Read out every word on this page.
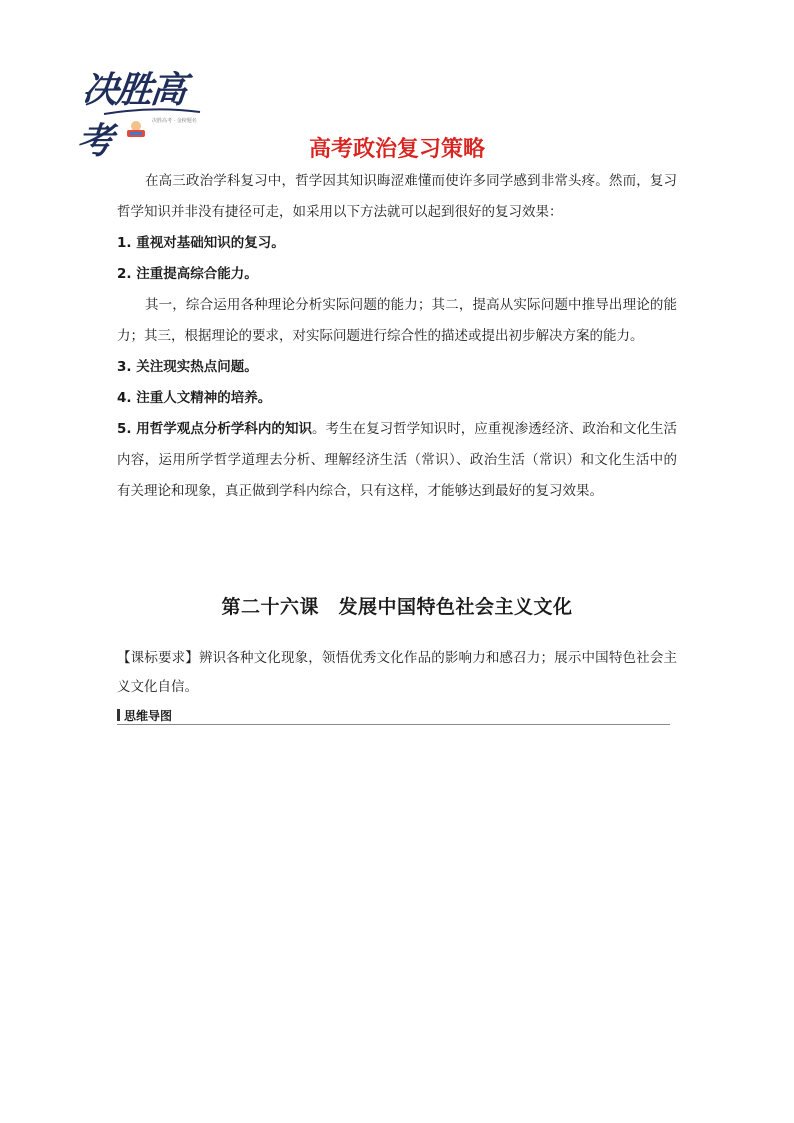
决胜高考	决胜高考 · 金榜题名
高考政治复习策略

在高三政治学科复习中，哲学因其知识晦涩难懂而使许多同学感到非常头疼。然而，复习哲学知识并非没有捷径可走，如采用以下方法就可以起到很好的复习效果：

1. 重视对基础知识的复习。

2. 注重提高综合能力。

其一，综合运用各种理论分析实际问题的能力；其二，提高从实际问题中推导出理论的能力；其三，根据理论的要求，对实际问题进行综合性的描述或提出初步解决方案的能力。

3. 关注现实热点问题。

4. 注重人文精神的培养。

5. 用哲学观点分析学科内的知识。考生在复习哲学知识时，应重视渗透经济、政治和文化生活内容，运用所学哲学道理去分析、理解经济生活（常识）、政治生活（常识）和文化生活中的有关理论和现象，真正做到学科内综合，只有这样，才能够达到最好的复习效果。

第二十六课　发展中国特色社会主义文化
【课标要求】辨识各种文化现象，领悟优秀文化作品的影响力和感召力；展示中国特色社会主义文化自信。
思维导图
